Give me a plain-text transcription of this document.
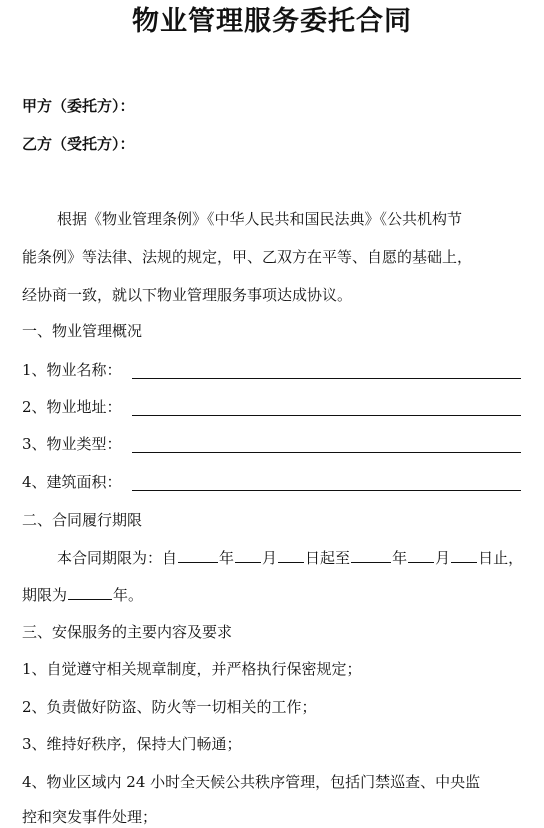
物业管理服务委托合同
甲方（委托方）：
乙方（受托方）：
根据《物业管理条例》《中华人民共和国民法典》《公共机构节
能条例》等法律、法规的规定，甲、乙双方在平等、自愿的基础上，
经协商一致，就以下物业管理服务事项达成协议。
一、物业管理概况
1、物业名称：
2、物业地址：
3、物业类型：
4、建筑面积：
二、合同履行期限
本合同期限为：自	年 月 日起至	年 月 日止，
期限为	年。
三、安保服务的主要内容及要求
1、自觉遵守相关规章制度，并严格执行保密规定；
2、负责做好防盗、防火等一切相关的工作；
3、维持好秩序，保持大门畅通；
4、物业区域内 24 小时全天候公共秩序管理，包括门禁巡查、中央监
控和突发事件处理；
